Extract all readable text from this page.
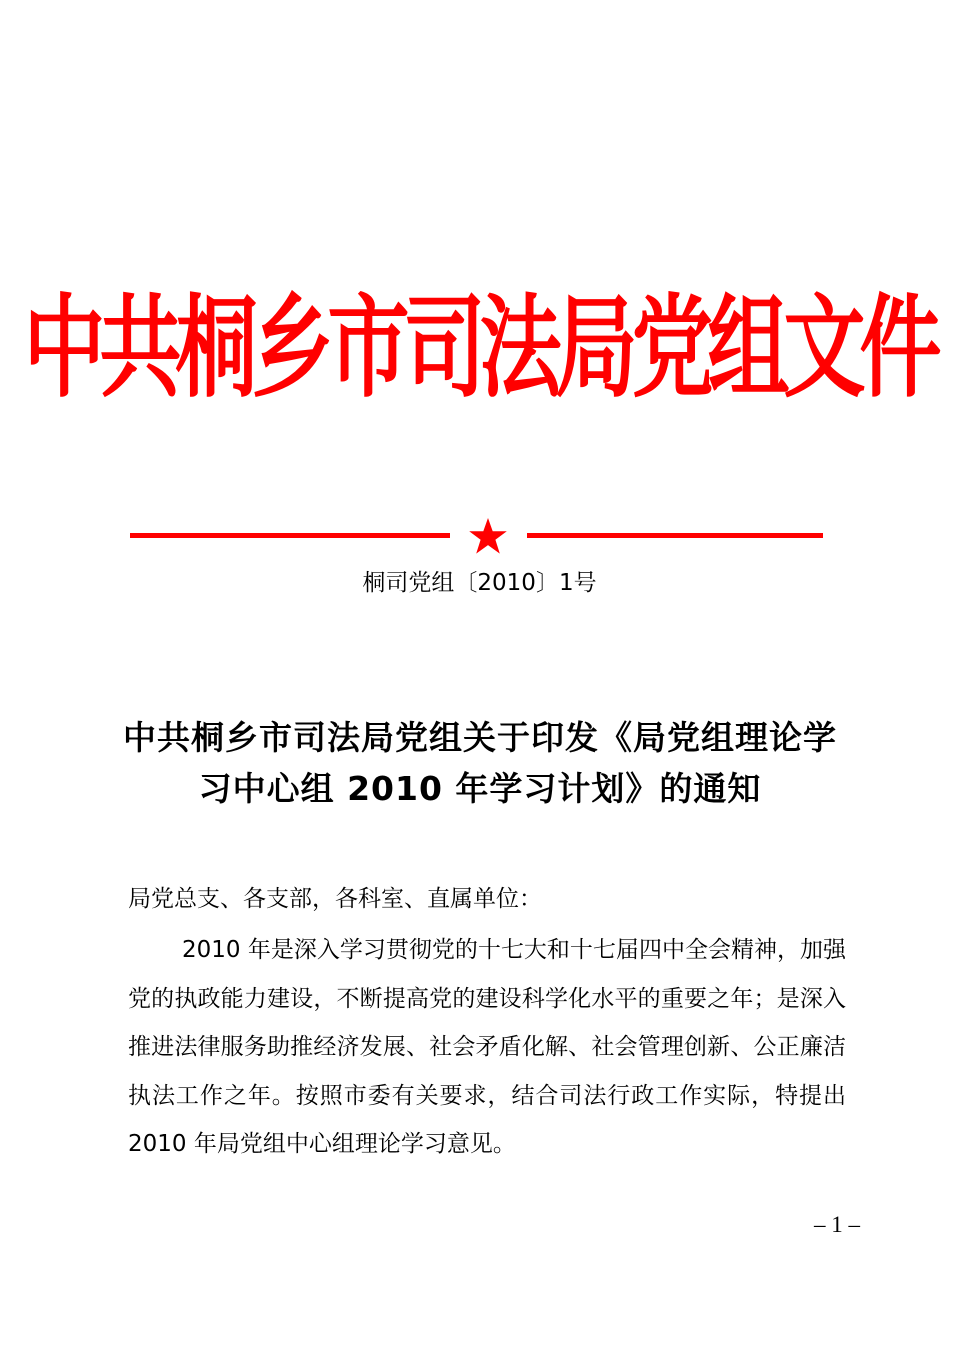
中共桐乡市司法局党组文件
桐司党组〔2010〕1号
中共桐乡市司法局党组关于印发《局党组理论学习中心组 2010 年学习计划》的通知
局党总支、各支部，各科室、直属单位：

2010 年是深入学习贯彻党的十七大和十七届四中全会精神，加强党的执政能力建设，不断提高党的建设科学化水平的重要之年；是深入推进法律服务助推经济发展、社会矛盾化解、社会管理创新、公正廉洁执法工作之年。按照市委有关要求，结合司法行政工作实际，特提出 2010 年局党组中心组理论学习意见。

– 1 –
